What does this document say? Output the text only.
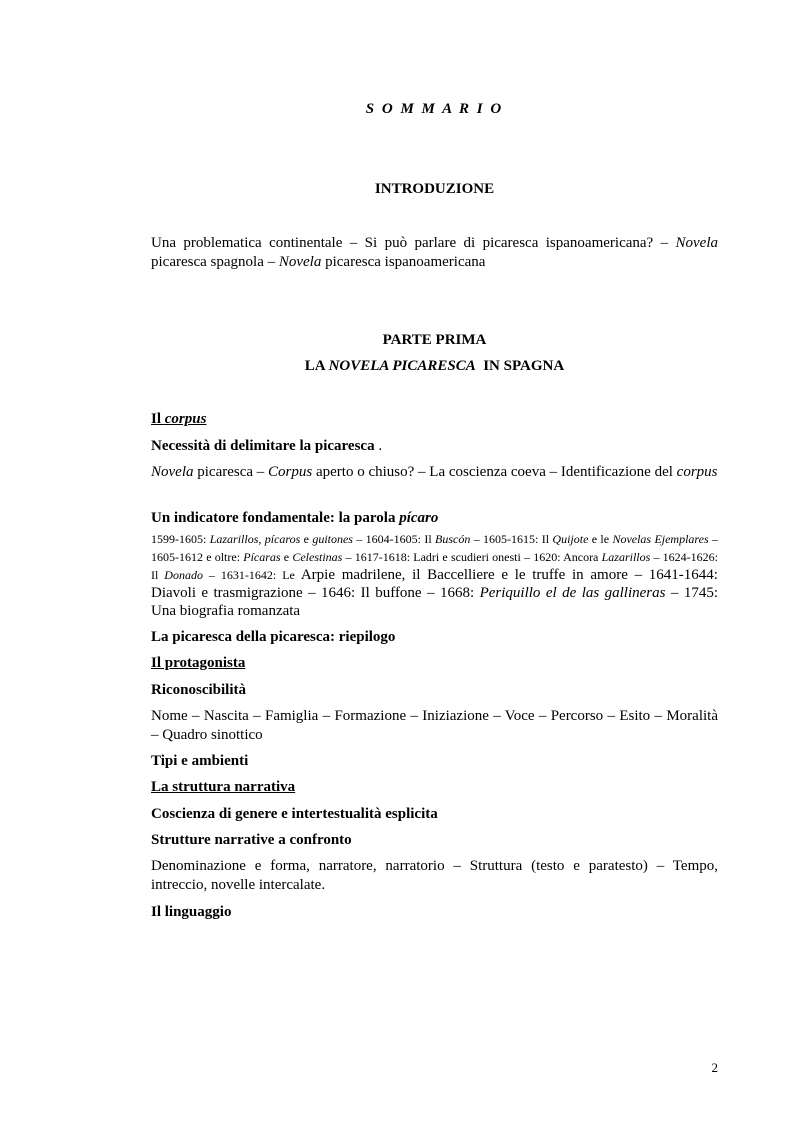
S O M M A R I O
INTRODUZIONE
Una problematica continentale – Si può parlare di picaresca ispanoamericana? – Novela picaresca spagnola – Novela picaresca ispanoamericana
PARTE PRIMA
LA NOVELA PICARESCA  IN SPAGNA
Il corpus
Necessità di delimitare la picaresca .
Novela picaresca – Corpus aperto o chiuso? – La coscienza coeva – Identificazione del corpus
Un indicatore fondamentale: la parola pícaro
1599-1605: Lazarillos, pícaros e guitones – 1604-1605: Il Buscón – 1605-1615: Il Quijote e le Novelas Ejemplares –1605-1612 e oltre: Pícaras e Celestinas – 1617-1618: Ladri e scudieri onesti – 1620: Ancora Lazarillos – 1624-1626: Il Donado – 1631-1642: Le Arpie madrilene, il Baccelliere e le truffe in amore – 1641-1644: Diavoli e trasmigrazione – 1646: Il buffone – 1668: Periquillo el de las gallineras – 1745: Una biografia romanzata
La picaresca della picaresca: riepilogo
Il protagonista
Riconoscibilità
Nome – Nascita – Famiglia – Formazione – Iniziazione – Voce – Percorso – Esito – Moralità – Quadro sinottico
Tipi e ambienti
La struttura narrativa
Coscienza di genere e intertestualità esplicita
Strutture narrative a confronto
Denominazione e forma, narratore, narratorio – Struttura (testo e paratesto) – Tempo, intreccio, novelle intercalate.
Il linguaggio
2
